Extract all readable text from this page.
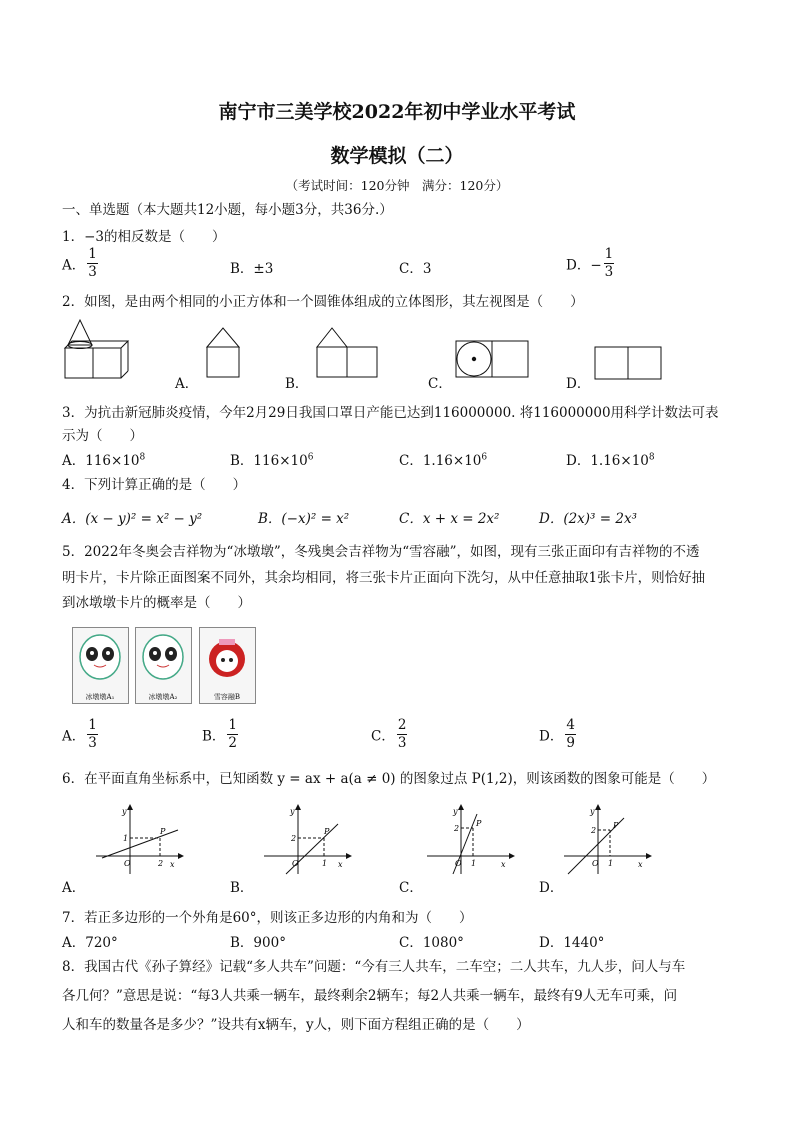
南宁市三美学校2022年初中学业水平考试
数学模拟（二）
（考试时间：120分钟　满分：120分）
一、单选题（本大题共12小题，每小题3分，共36分.）
1．−3的相反数是（　　）
A． $\frac{1}{3}$	B．±3	C．3	D．− $\frac{1}{3}$
2．如图，是由两个相同的小正方体和一个圆锥体组成的立体图形，其左视图是（　　）
A．	B．	C．	D．
3．为抗击新冠肺炎疫情，今年2月29日我国口罩日产能已达到116000000. 将116000000用科学计数法可表
示为（　　）
A．$116\times 10^8$	B．$116\times 10^6$	C．$1.16\times 10^6$	D．$1.16\times 10^8$
4．下列计算正确的是（　　）
A．(x − y)² = x² − y²	B．(−x)² = x²	C．x + x = 2x²	D．(2x)³ = 2x³
5．2022年冬奥会吉祥物为“冰墩墩”，冬残奥会吉祥物为“雪容融”，如图，现有三张正面印有吉祥物的不透
明卡片，卡片除正面图案不同外，其余均相同，将三张卡片正面向下洗匀，从中任意抽取1张卡片，则恰好抽
到冰墩墩卡片的概率是（　　）
冰墩墩A₁	冰墩墩A₂	雪容融B
A． $\frac{1}{3}$	B． $\frac{1}{2}$	C． $\frac{2}{3}$	D． $\frac{4}{9}$
6．在平面直角坐标系中，已知函数 y = ax + a(a ≠ 0) 的图象过点 P(1,2)，则该函数的图象可能是（　　）
A．
x
y
O
P
1
2
B．
x
y
O
P
2
1
C．
x
y
O
P
2
1
D．
x
y
O
P
2
1
7．若正多边形的一个外角是60°，则该正多边形的内角和为（　　）
A．720°	B．900°	C．1080°	D．1440°
8．我国古代《孙子算经》记载“多人共车”问题：“今有三人共车，二车空；二人共车，九人步，问人与车
各几何？”意思是说：“每3人共乘一辆车，最终剩余2辆车；每2人共乘一辆车，最终有9人无车可乘，问
人和车的数量各是多少？”设共有x辆车，y人，则下面方程组正确的是（　　）
